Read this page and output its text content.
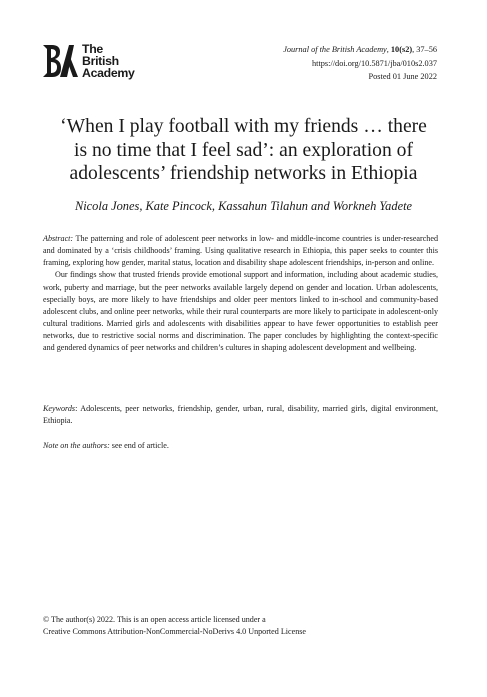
The
British
Academy
Journal of the British Academy, 10(s2), 37–56
https://doi.org/10.5871/jba/010s2.037
Posted 01 June 2022
‘When I play football with my friends … there
is no time that I feel sad’: an exploration of
adolescents’ friendship networks in Ethiopia
Nicola Jones, Kate Pincock, Kassahun Tilahun and Workneh Yadete

Abstract: The patterning and role of adolescent peer networks in low- and middle-income countries is under-researched and dominated by a ‘crisis childhoods’ framing. Using qualitative research in Ethiopia, this paper seeks to counter this framing, exploring how gender, marital status, location and disability shape adolescent friendships, in-person and online.

Our findings show that trusted friends provide emotional support and information, including about academic studies, work, puberty and marriage, but the peer networks available largely depend on gender and location. Urban adolescents, especially boys, are more likely to have friendships and older peer mentors linked to in-school and community-based adolescent clubs, and online peer networks, while their rural counterparts are more likely to participate in adolescent-only cultural traditions. Married girls and adolescents with disabilities appear to have fewer opportunities to establish peer networks, due to restrictive social norms and discrimination. The paper concludes by highlighting the context-specific and gendered dynamics of peer networks and children’s cultures in shaping adolescent development and wellbeing.

Keywords: Adolescents, peer networks, friendship, gender, urban, rural, disability, married girls, digital environment, Ethiopia.
Note on the authors: see end of article.
© The author(s) 2022. This is an open access article licensed under a
Creative Commons Attribution-NonCommercial-NoDerivs 4.0 Unported License
